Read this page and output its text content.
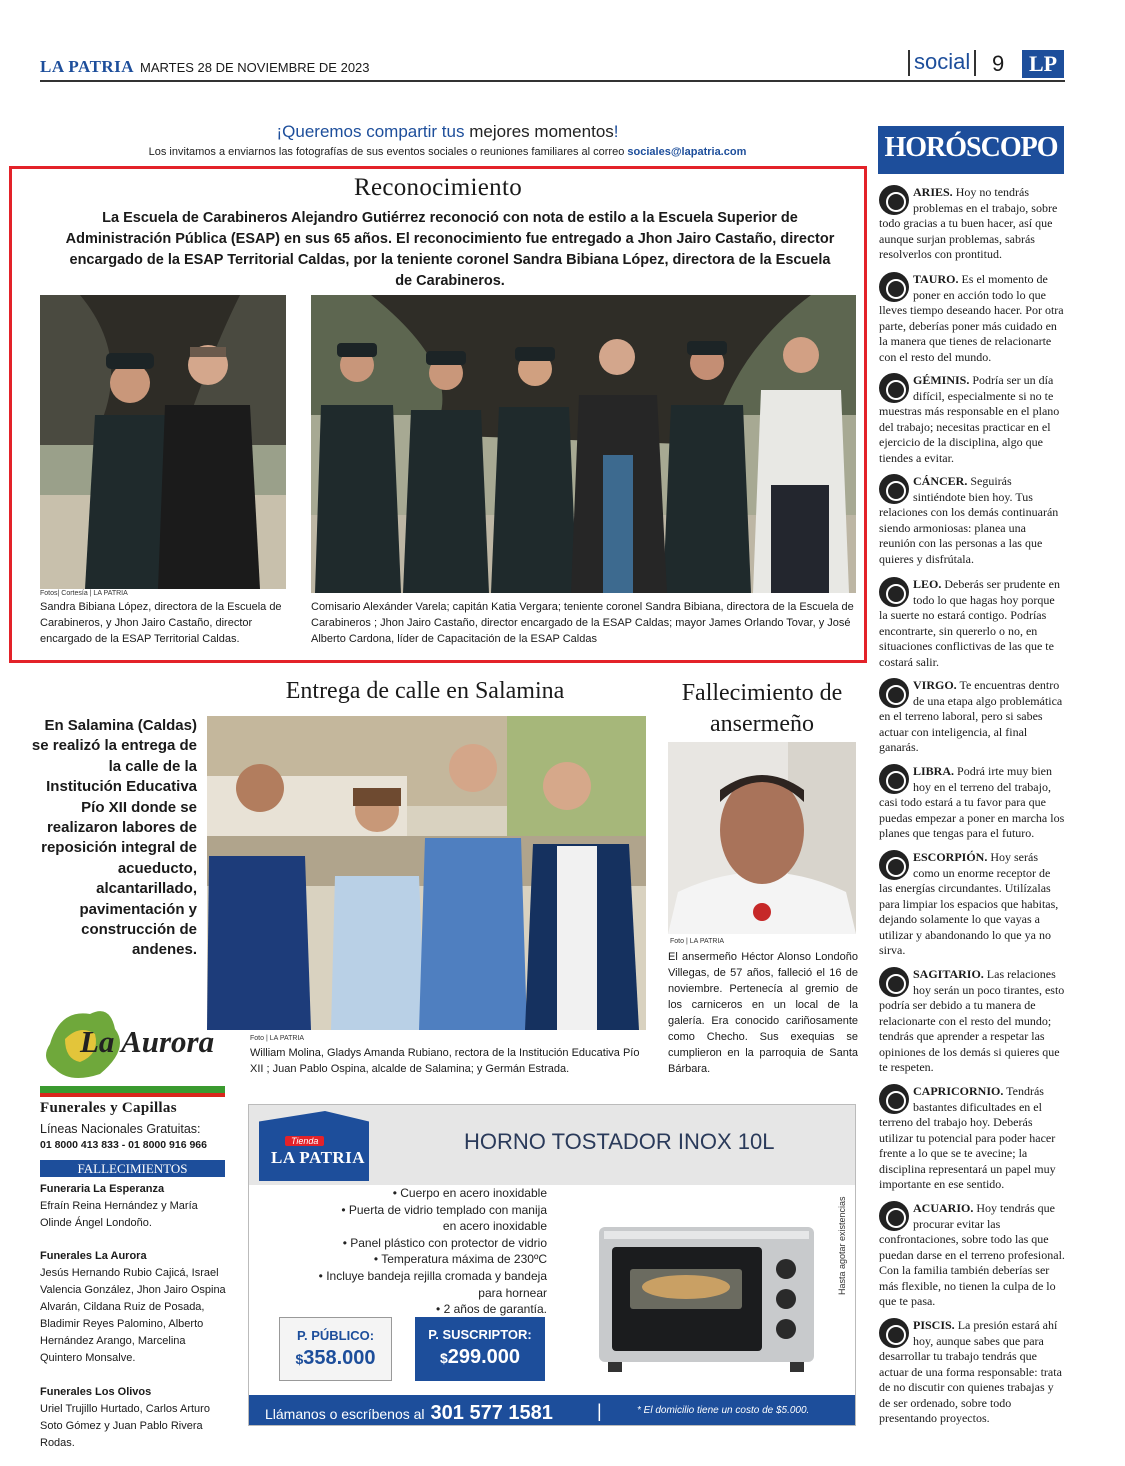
LA PATRIA MARTES 28 DE NOVIEMBRE DE 2023	social 9	LP
¡Queremos compartir tus mejores momentos!
Los invitamos a enviarnos las fotografías de sus eventos sociales o reuniones familiares al correo sociales@lapatria.com
Reconocimiento
La Escuela de Carabineros Alejandro Gutiérrez reconoció con nota de estilo a la Escuela Superior de Administración Pública (ESAP) en sus 65 años. El reconocimiento fue entregado a Jhon Jairo Castaño, director encargado de la ESAP Territorial Caldas, por la teniente coronel Sandra Bibiana López, directora de la Escuela de Carabineros.
Fotos| Cortesía | LA PATRIA
Sandra Bibiana López, directora de la Escuela de Carabineros, y Jhon Jairo Castaño, director encargado de la ESAP Territorial Caldas.
Comisario Alexánder Varela; capitán Katia Vergara; teniente coronel Sandra Bibiana, directora de la Escuela de Carabineros ; Jhon Jairo Castaño, director encargado de la ESAP Caldas; mayor James Orlando Tovar, y José Alberto Cardona, líder de Capacitación de la ESAP Caldas
Entrega de calle en Salamina
En Salamina (Caldas) se realizó la entrega de la calle de la Institución Educativa Pío XII donde se realizaron labores de reposición integral de acueducto, alcantarillado, pavimentación y construcción de andenes.
Foto | LA PATRIA
William Molina, Gladys Amanda Rubiano, rectora de la Institución Educativa Pío XII ; Juan Pablo Ospina, alcalde de Salamina; y Germán Estrada.
Fallecimiento de ansermeño
Foto | LA PATRIA
El ansermeño Héctor Alonso Londoño Villegas, de 57 años, falleció el 16 de noviembre. Pertenecía al gremio de los carniceros en un local de la galería. Era conocido cariñosamente como Checho. Sus exequias se cumplieron en la parroquia de Santa Bárbara.
La Aurora
Funerales y Capillas
Líneas Nacionales Gratuitas:
01 8000 413 833 - 01 8000 916 966
FALLECIMIENTOS
Funeraria La Esperanza
Efraín Reina Hernández y María Olinde Ángel Londoño.
Funerales La Aurora
Jesús Hernando Rubio Cajicá, Israel Valencia González, Jhon Jairo Ospina Alvarán, Cildana Ruiz de Posada, Bladimir Reyes Palomino, Alberto Hernández Arango, Marcelina Quintero Monsalve.
Funerales Los Olivos
Uriel Trujillo Hurtado, Carlos Arturo Soto Gómez y Juan Pablo Rivera Rodas.
Tienda
LA PATRIA
HORNO TOSTADOR INOX 10L
• Cuerpo en acero inoxidable
• Puerta de vidrio templado con manija
en acero inoxidable
• Panel plástico con protector de vidrio
• Temperatura máxima de 230ºC
• Incluye bandeja rejilla cromada y bandeja
para hornear
• 2 años de garantía.
P. PÚBLICO:
$358.000
P. SUSCRIPTOR:
$299.000
Hasta agotar existencias
Llámanos o escríbenos al 301 577 1581 |	* El domicilio tiene un costo de $5.000.
HORÓSCOPO
ARIES. Hoy no tendrás problemas en el trabajo, sobre todo gracias a tu buen hacer, así que aunque surjan problemas, sabrás resolverlos con prontitud.
TAURO. Es el momento de poner en acción todo lo que lleves tiempo deseando hacer. Por otra parte, deberías poner más cuidado en la manera que tienes de relacionarte con el resto del mundo.
GÉMINIS. Podría ser un día difícil, especialmente si no te muestras más responsable en el plano del trabajo; necesitas practicar en el ejercicio de la disciplina, algo que tiendes a evitar.
CÁNCER. Seguirás sintiéndote bien hoy. Tus relaciones con los demás continuarán siendo armoniosas: planea una reunión con las personas a las que quieres y disfrútala.
LEO. Deberás ser prudente en todo lo que hagas hoy porque la suerte no estará contigo. Podrías encontrarte, sin quererlo o no, en situaciones conflictivas de las que te costará salir.
VIRGO. Te encuentras dentro de una etapa algo problemática en el terreno laboral, pero si sabes actuar con inteligencia, al final ganarás.
LIBRA. Podrá irte muy bien hoy en el terreno del trabajo, casi todo estará a tu favor para que puedas empezar a poner en marcha los planes que tengas para el futuro.
ESCORPIÓN. Hoy serás como un enorme receptor de las energías circundantes. Utilízalas para limpiar los espacios que habitas, dejando solamente lo que vayas a utilizar y abandonando lo que ya no sirva.
SAGITARIO. Las relaciones hoy serán un poco tirantes, esto podría ser debido a tu manera de relacionarte con el resto del mundo; tendrás que aprender a respetar las opiniones de los demás si quieres que te respeten.
CAPRICORNIO. Tendrás bastantes dificultades en el terreno del trabajo hoy. Deberás utilizar tu potencial para poder hacer frente a lo que se te avecine; la disciplina representará un papel muy importante en ese sentido.
ACUARIO. Hoy tendrás que procurar evitar las confrontaciones, sobre todo las que puedan darse en el terreno profesional. Con la familia también deberías ser más flexible, no tienen la culpa de lo que te pasa.
PISCIS. La presión estará ahí hoy, aunque sabes que para desarrollar tu trabajo tendrás que actuar de una forma responsable: trata de no discutir con quienes trabajas y de ser ordenado, sobre todo presentando proyectos.
